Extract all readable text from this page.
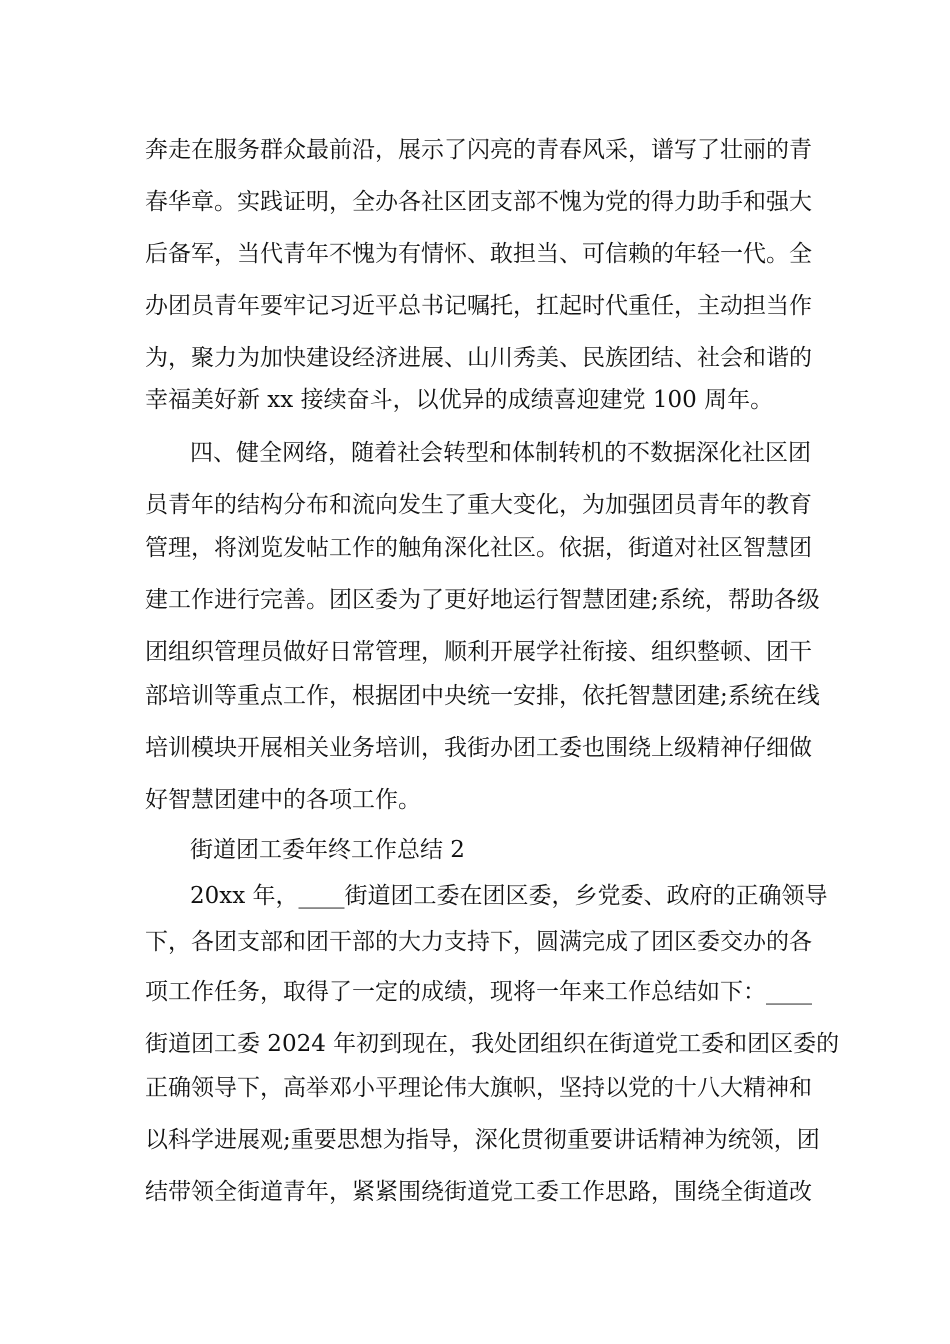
奔走在服务群众最前沿，展示了闪亮的青春风采，谱写了壮丽的青
春华章。实践证明，全办各社区团支部不愧为党的得力助手和强大
后备军，当代青年不愧为有情怀、敢担当、可信赖的年轻一代。全
办团员青年要牢记习近平总书记嘱托，扛起时代重任，主动担当作
为，聚力为加快建设经济进展、山川秀美、民族团结、社会和谐的
幸福美好新 xx 接续奋斗，以优异的成绩喜迎建党 100 周年。
四、健全网络，随着社会转型和体制转机的不数据深化社区团
员青年的结构分布和流向发生了重大变化，为加强团员青年的教育
管理，将浏览发帖工作的触角深化社区。依据，街道对社区智慧团
建工作进行完善。团区委为了更好地运行智慧团建;系统，帮助各级
团组织管理员做好日常管理，顺利开展学社衔接、组织整顿、团干
部培训等重点工作，根据团中央统一安排，依托智慧团建;系统在线
培训模块开展相关业务培训，我街办团工委也围绕上级精神仔细做
好智慧团建中的各项工作。
街道团工委年终工作总结 2
20xx 年，____街道团工委在团区委，乡党委、政府的正确领导
下，各团支部和团干部的大力支持下，圆满完成了团区委交办的各
项工作任务，取得了一定的成绩，现将一年来工作总结如下：____
街道团工委 2024 年初到现在，我处团组织在街道党工委和团区委的
正确领导下，高举邓小平理论伟大旗帜，坚持以党的十八大精神和
以科学进展观;重要思想为指导，深化贯彻重要讲话精神为统领，团
结带领全街道青年，紧紧围绕街道党工委工作思路，围绕全街道改
